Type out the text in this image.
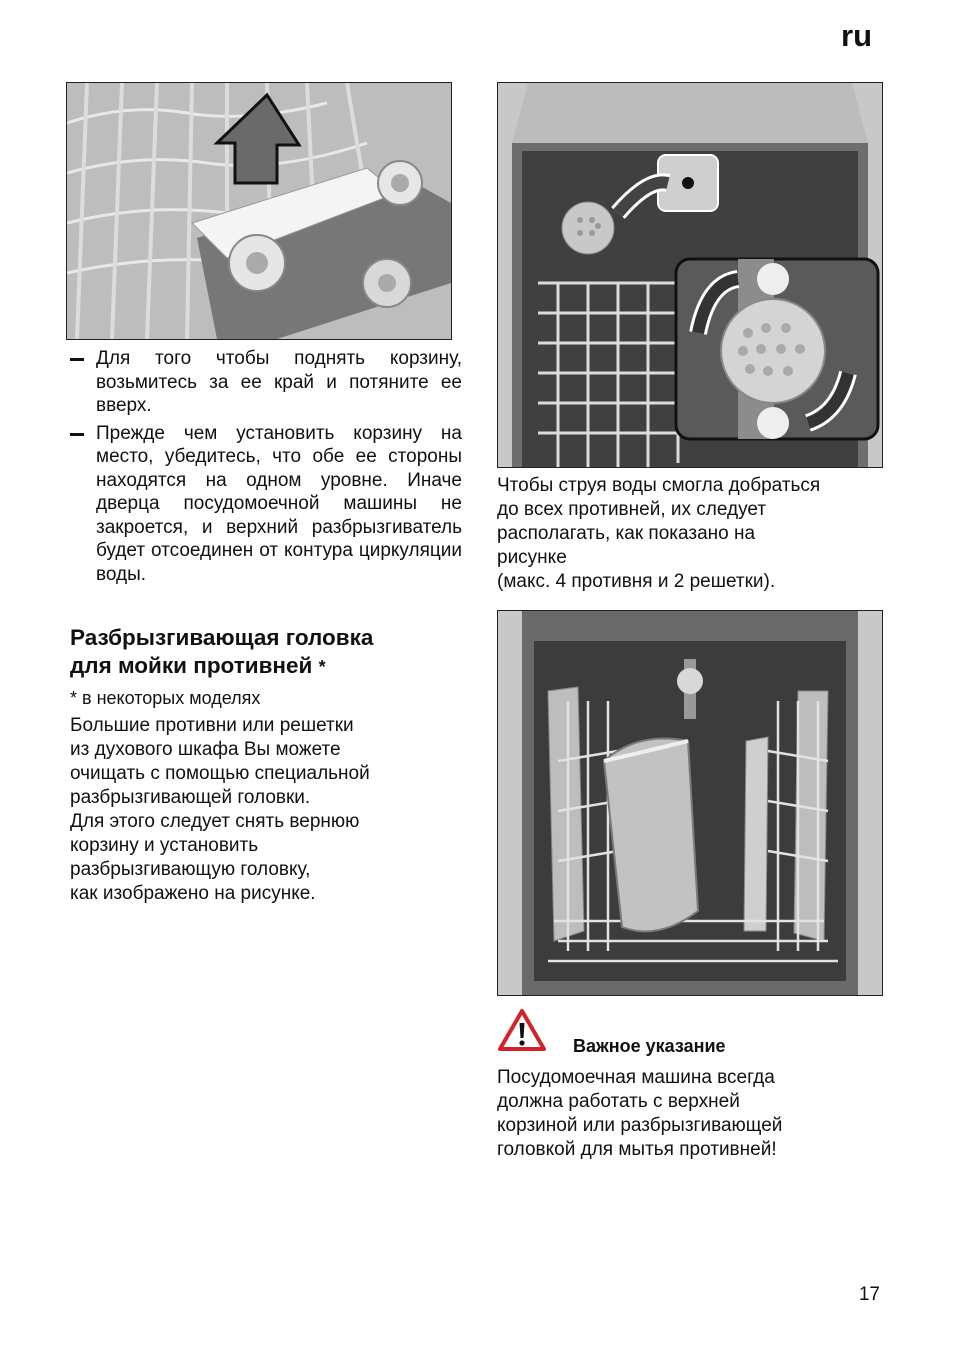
ru

Для того чтобы поднять корзину, возьмитесь за ее край и потяните ее вверх.

Прежде чем установить корзину на место, убедитесь, что обе ее стороны находятся на одном уровне. Иначе дверца посудомоечной машины не закроется, и верхний разбрызгиватель будет отсоединен от контура циркуляции воды.

Чтобы струя воды смогла добраться

до всех противней, их следует

располагать, как показано на

рисунке

(макс. 4 противня и 2 решетки).

Разбрызгивающая головка
для мойки противней *
* в некоторых моделях

Большие противни или решетки

из духового шкафа Вы можете

очищать с помощью специальной

разбрызгивающей головки.

Для этого следует снять вернюю

корзину и установить

разбрызгивающую головку,

как изображено на рисунке.

Важное указание

Посудомоечная машина всегда

должна работать с верхней

корзиной или разбрызгивающей

головкой для мытья противней!

17
